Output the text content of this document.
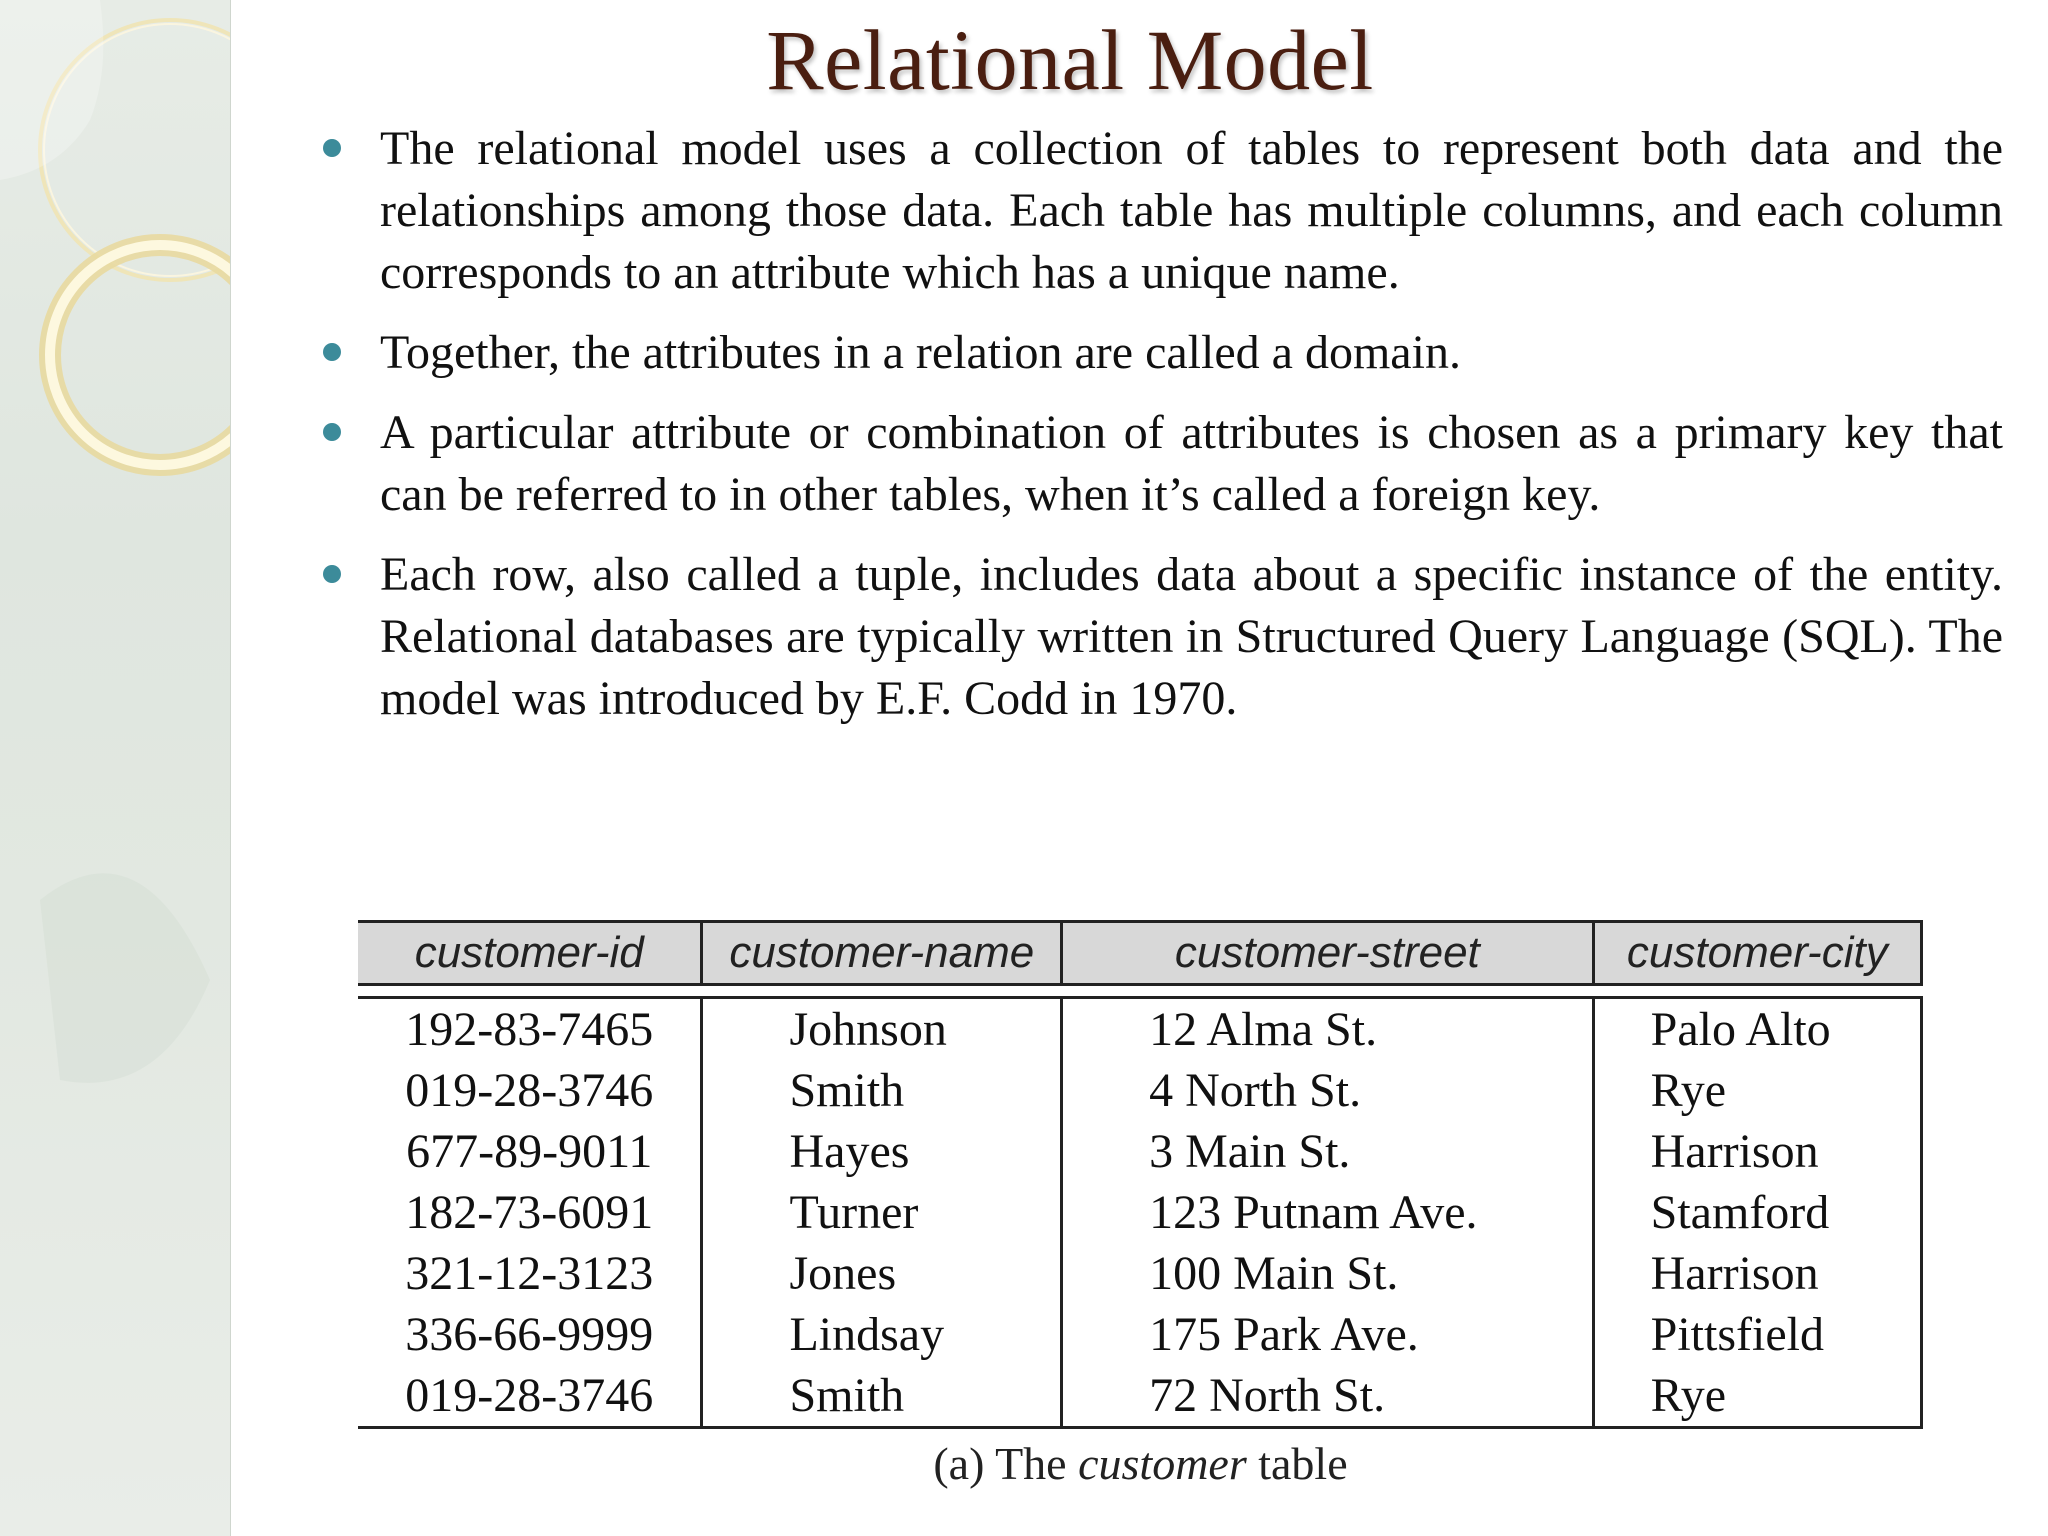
Relational Model
The relational model uses a collection of tables to represent both data and the relationships among those data. Each table has multiple columns, and each column corresponds to an attribute which has a unique name.
Together, the attributes in a relation are called a domain.
A particular attribute or combination of attributes is chosen as a primary key that can be referred to in other tables, when it’s called a foreign key.
Each row, also called a tuple, includes data about a specific instance of the entity. Relational databases are typically written in Structured Query Language (SQL). The model was introduced by E.F. Codd in 1970.
customer-id	customer-name	customer-street	customer-city

192-83-7465	Johnson	12 Alma St.	Palo Alto
019-28-3746	Smith	4 North St.	Rye
677-89-9011	Hayes	3 Main St.	Harrison
182-73-6091	Turner	123 Putnam Ave.	Stamford
321-12-3123	Jones	100 Main St.	Harrison
336-66-9999	Lindsay	175 Park Ave.	Pittsfield
019-28-3746	Smith	72 North St.	Rye
(a) The customer table
